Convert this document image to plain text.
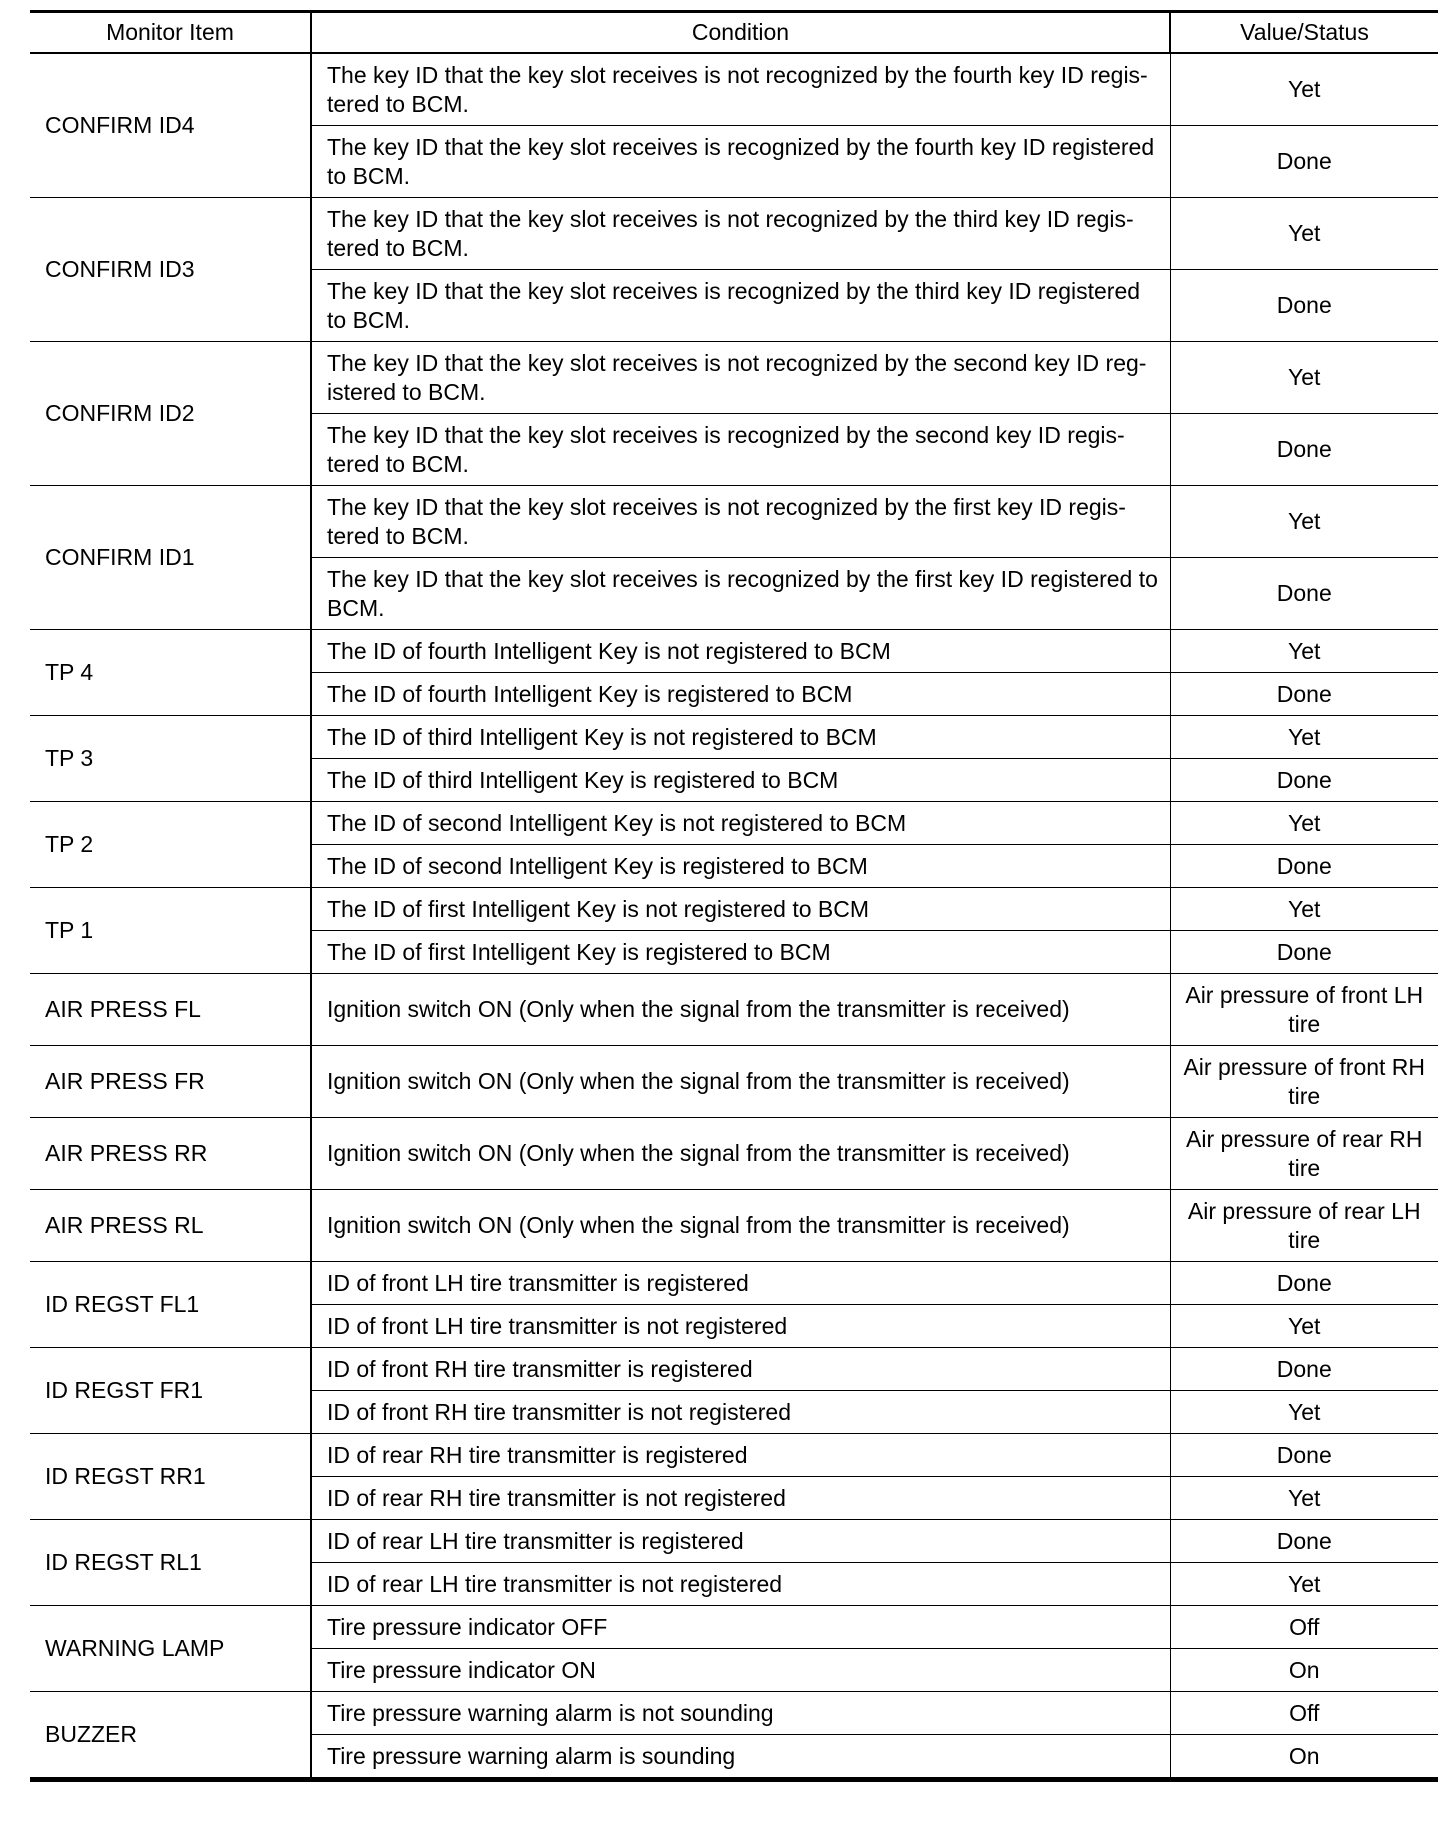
Monitor Item	Condition	Value/Status
CONFIRM ID4	The key ID that the key slot receives is not recognized by the fourth key ID regis-tered to BCM.	Yet
	The key ID that the key slot receives is recognized by the fourth key ID registered to BCM.	Done
CONFIRM ID3	The key ID that the key slot receives is not recognized by the third key ID regis-tered to BCM.	Yet
	The key ID that the key slot receives is recognized by the third key ID registered to BCM.	Done
CONFIRM ID2	The key ID that the key slot receives is not recognized by the second key ID reg-istered to BCM.	Yet
	The key ID that the key slot receives is recognized by the second key ID regis-tered to BCM.	Done
CONFIRM ID1	The key ID that the key slot receives is not recognized by the first key ID regis-tered to BCM.	Yet
	The key ID that the key slot receives is recognized by the first key ID registered to BCM.	Done
TP 4	The ID of fourth Intelligent Key is not registered to BCM	Yet
	The ID of fourth Intelligent Key is registered to BCM	Done
TP 3	The ID of third Intelligent Key is not registered to BCM	Yet
	The ID of third Intelligent Key is registered to BCM	Done
TP 2	The ID of second Intelligent Key is not registered to BCM	Yet
	The ID of second Intelligent Key is registered to BCM	Done
TP 1	The ID of first Intelligent Key is not registered to BCM	Yet
	The ID of first Intelligent Key is registered to BCM	Done
AIR PRESS FL	Ignition switch ON (Only when the signal from the transmitter is received)	Air pressure of front LH tire
AIR PRESS FR	Ignition switch ON (Only when the signal from the transmitter is received)	Air pressure of front RH tire
AIR PRESS RR	Ignition switch ON (Only when the signal from the transmitter is received)	Air pressure of rear RH tire
AIR PRESS RL	Ignition switch ON (Only when the signal from the transmitter is received)	Air pressure of rear LH tire
ID REGST FL1	ID of front LH tire transmitter is registered	Done
	ID of front LH tire transmitter is not registered	Yet
ID REGST FR1	ID of front RH tire transmitter is registered	Done
	ID of front RH tire transmitter is not registered	Yet
ID REGST RR1	ID of rear RH tire transmitter is registered	Done
	ID of rear RH tire transmitter is not registered	Yet
ID REGST RL1	ID of rear LH tire transmitter is registered	Done
	ID of rear LH tire transmitter is not registered	Yet
WARNING LAMP	Tire pressure indicator OFF	Off
	Tire pressure indicator ON	On
BUZZER	Tire pressure warning alarm is not sounding	Off
	Tire pressure warning alarm is sounding	On
